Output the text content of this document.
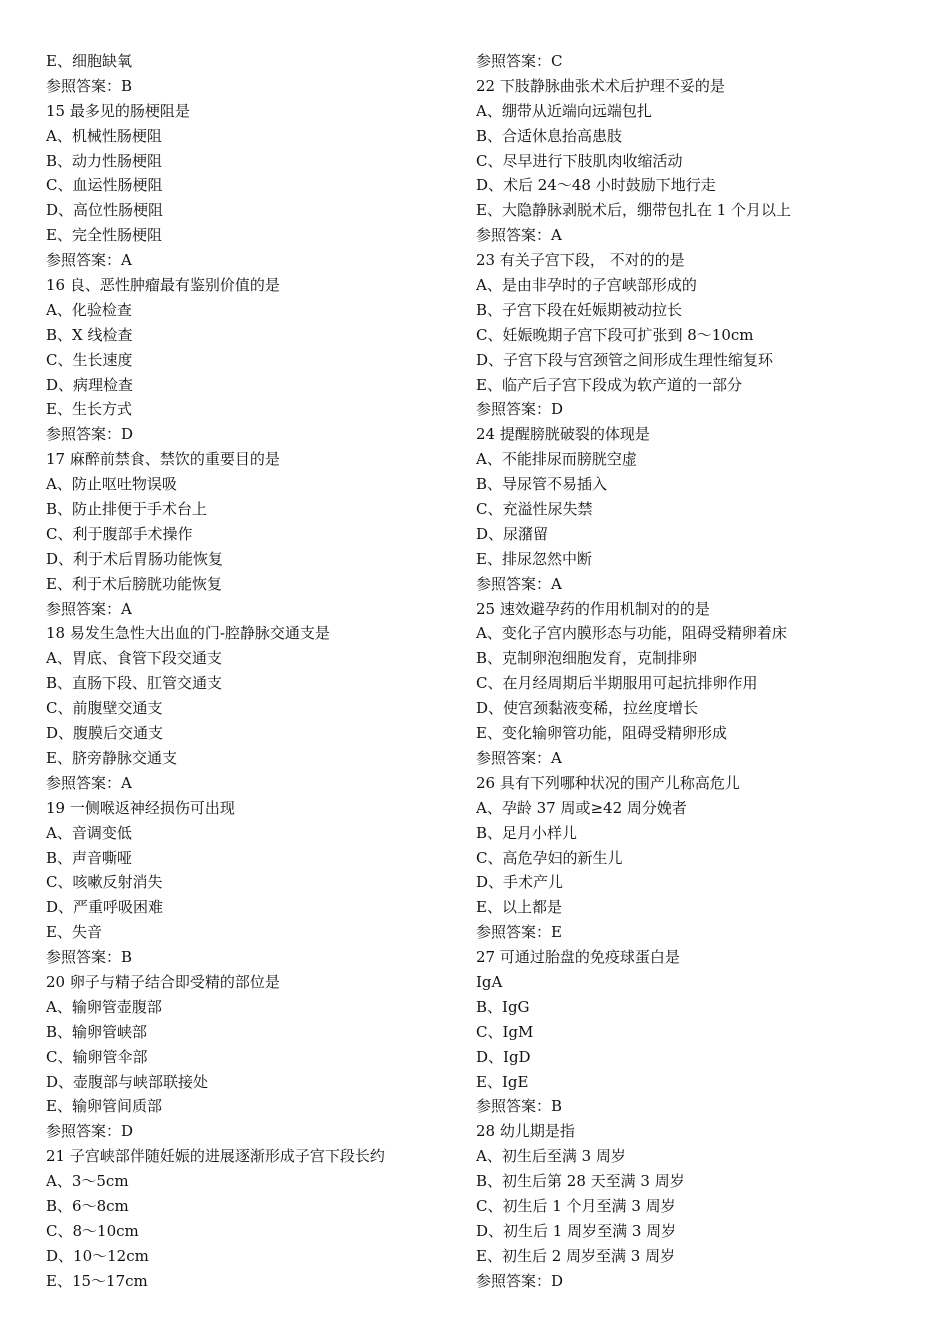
E、细胞缺氧
参照答案：B
15 最多见的肠梗阻是
A、机械性肠梗阻
B、动力性肠梗阻
C、血运性肠梗阻
D、高位性肠梗阻
E、完全性肠梗阻
参照答案：A
16 良、恶性肿瘤最有鉴别价值的是
A、化验检查
B、X 线检查
C、生长速度
D、病理检查
E、生长方式
参照答案：D
17 麻醉前禁食、禁饮的重要目的是
A、防止呕吐物误吸
B、防止排便于手术台上
C、利于腹部手术操作
D、利于术后胃肠功能恢复
E、利于术后膀胱功能恢复
参照答案：A
18 易发生急性大出血的门-腔静脉交通支是
A、胃底、食管下段交通支
B、直肠下段、肛管交通支
C、前腹壁交通支
D、腹膜后交通支
E、脐旁静脉交通支
参照答案：A
19 一侧喉返神经损伤可出现
A、音调变低
B、声音嘶哑
C、咳嗽反射消失
D、严重呼吸困难
E、失音
参照答案：B
20 卵子与精子结合即受精的部位是
A、输卵管壶腹部
B、输卵管峡部
C、输卵管伞部
D、壶腹部与峡部联接处
E、输卵管间质部
参照答案：D
21 子宫峡部伴随妊娠的进展逐渐形成子宫下段长约
A、3～5cm
B、6～8cm
C、8～10cm
D、10～12cm
E、15～17cm
参照答案：C
22 下肢静脉曲张术术后护理不妥的是
A、绷带从近端向远端包扎
B、合适休息抬高患肢
C、尽早进行下肢肌肉收缩活动
D、术后 24～48 小时鼓励下地行走
E、大隐静脉剥脱术后，绷带包扎在 1 个月以上
参照答案：A
23 有关子宫下段， 不对的的是
A、是由非孕时的子宫峡部形成的
B、子宫下段在妊娠期被动拉长
C、妊娠晚期子宫下段可扩张到 8～10cm
D、子宫下段与宫颈管之间形成生理性缩复环
E、临产后子宫下段成为软产道的一部分
参照答案：D
24 提醒膀胱破裂的体现是
A、不能排尿而膀胱空虚
B、导尿管不易插入
C、充溢性尿失禁
D、尿潴留
E、排尿忽然中断
参照答案：A
25 速效避孕药的作用机制对的的是
A、变化子宫内膜形态与功能，阻碍受精卵着床
B、克制卵泡细胞发育，克制排卵
C、在月经周期后半期服用可起抗排卵作用
D、使宫颈黏液变稀，拉丝度增长
E、变化输卵管功能，阻碍受精卵形成
参照答案：A
26 具有下列哪种状况的围产儿称高危儿
A、孕龄 37 周或≥42 周分娩者
B、足月小样儿
C、高危孕妇的新生儿
D、手术产儿
E、以上都是
参照答案：E
27 可通过胎盘的免疫球蛋白是
IgA
B、IgG
C、IgM
D、IgD
E、IgE
参照答案：B
28 幼儿期是指
A、初生后至满 3 周岁
B、初生后第 28 天至满 3 周岁
C、初生后 1 个月至满 3 周岁
D、初生后 1 周岁至满 3 周岁
E、初生后 2 周岁至满 3 周岁
参照答案：D
